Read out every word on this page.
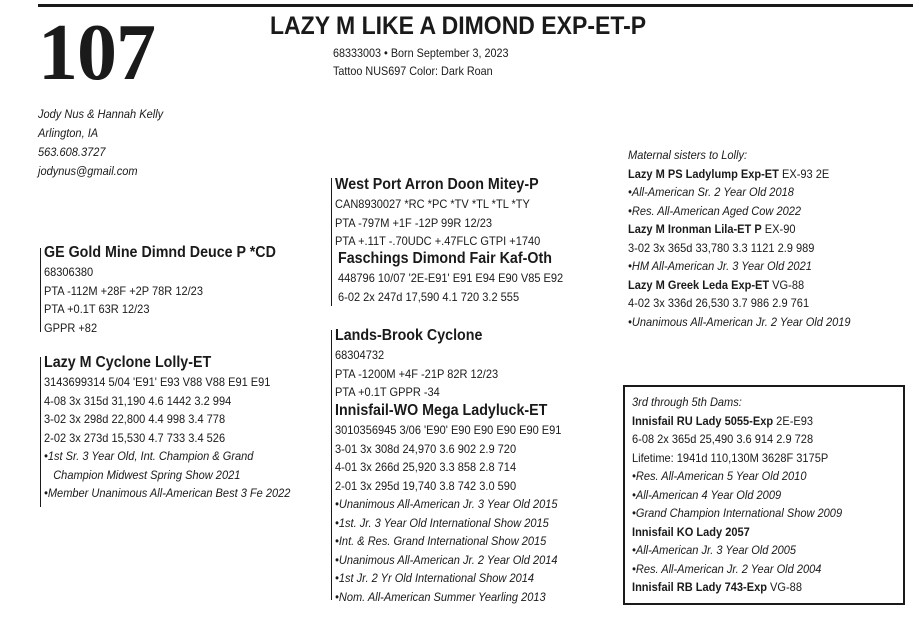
107	LAZY M LIKE A DIMOND EXP-ET-P
68333003 • Born September 3, 2023
Tattoo NUS697 Color: Dark Roan
Jody Nus & Hannah Kelly
Arlington, IA
563.608.3727
jodynus@gmail.com
GE Gold Mine Dimnd Deuce P *CD
68306380
PTA -112M +28F +2P 78R 12/23
PTA +0.1T 63R 12/23
GPPR +82
West Port Arron Doon Mitey-P
CAN8930027 *RC *PC *TV *TL *TL *TY
PTA -797M +1F -12P 99R 12/23
PTA +.11T -.70UDC +.47FLC GTPI +1740
Faschings Dimond Fair Kaf-Oth
448796 10/07 '2E-E91' E91 E94 E90 V85 E92
6-02 2x 247d 17,590 4.1 720 3.2 555
Lazy M Cyclone Lolly-ET
3143699314 5/04 'E91' E93 V88 V88 E91 E91
4-08 3x 315d 31,190 4.6 1442 3.2 994
3-02 3x 298d 22,800 4.4 998 3.4 778
2-02 3x 273d 15,530 4.7 733 3.4 526
•1st Sr. 3 Year Old, Int. Champion & Grand
Champion Midwest Spring Show 2021
•Member Unanimous All-American Best 3 Fe 2022
Lands-Brook Cyclone
68304732
PTA -1200M +4F -21P 82R 12/23
PTA +0.1T GPPR -34
Innisfail-WO Mega Ladyluck-ET
3010356945 3/06 'E90' E90 E90 E90 E90 E91
3-01 3x 308d 24,970 3.6 902 2.9 720
4-01 3x 266d 25,920 3.3 858 2.8 714
2-01 3x 295d 19,740 3.8 742 3.0 590
•Unanimous All-American Jr. 3 Year Old 2015
•1st. Jr. 3 Year Old International Show 2015
•Int. & Res. Grand International Show 2015
•Unanimous All-American Jr. 2 Year Old 2014
•1st Jr. 2 Yr Old International Show 2014
•Nom. All-American Summer Yearling 2013
Maternal sisters to Lolly:
Lazy M PS Ladylump Exp-ET EX-93 2E
•All-American Sr. 2 Year Old 2018
•Res. All-American Aged Cow 2022
Lazy M Ironman Lila-ET P EX-90
3-02 3x 365d 33,780 3.3 1121 2.9 989
•HM All-American Jr. 3 Year Old 2021
Lazy M Greek Leda Exp-ET VG-88
4-02 3x 336d 26,530 3.7 986 2.9 761
•Unanimous All-American Jr. 2 Year Old 2019
3rd through 5th Dams:
Innisfail RU Lady 5055-Exp 2E-E93
6-08 2x 365d 25,490 3.6 914 2.9 728
Lifetime: 1941d 110,130M 3628F 3175P
•Res. All-American 5 Year Old 2010
•All-American 4 Year Old 2009
•Grand Champion International Show 2009
Innisfail KO Lady 2057
•All-American Jr. 3 Year Old 2005
•Res. All-American Jr. 2 Year Old 2004
Innisfail RB Lady 743-Exp VG-88
